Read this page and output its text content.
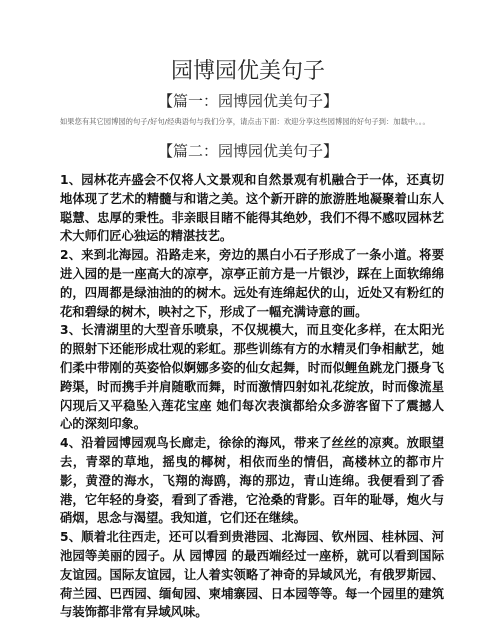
园博园优美句子
【篇一：园博园优美句子】
如果您有其它园博园的句子/好句/经典语句与我们分享，请点击下面：欢迎分享这些园博园的好句子到：加载中。。。
【篇二：园博园优美句子】

1、园林花卉盛会不仅将人文景观和自然景观有机融合于一体，还真切地体现了艺术的精髓与和谐之美。这个新开辟的旅游胜地凝聚着山东人聪慧、忠厚的秉性。非亲眼目睹不能得其绝妙，我们不得不感叹园林艺术大师们匠心独运的精湛技艺。

2、来到北海园。沿路走来，旁边的黑白小石子形成了一条小道。将要进入园的是一座高大的凉亭，凉亭正前方是一片银沙，踩在上面软绵绵的，四周都是绿油油的的树木。远处有连绵起伏的山，近处又有粉红的花和碧绿的树木，映衬之下，形成了一幅充满诗意的画。

3、长清湖里的大型音乐喷泉，不仅规模大，而且变化多样，在太阳光的照射下还能形成壮观的彩虹。那些训练有方的水精灵们争相献艺，她们柔中带刚的英姿恰似婀娜多姿的仙女起舞，时而似鲤鱼跳龙门摄身飞跨渠，时而携手并肩随歌而舞，时而激情四射如礼花绽放，时而像流星闪现后又平稳坠入莲花宝座 她们每次表演都给众多游客留下了震撼人心的深刻印象。

4、沿着园博园观鸟长廊走，徐徐的海风，带来了丝丝的凉爽。放眼望去，青翠的草地，摇曳的椰树，相依而坐的情侣，高楼林立的都市片影，黄澄的海水，飞翔的海鸥，海的那边，青山连绵。我便看到了香港，它年轻的身姿，看到了香港，它沧桑的背影。百年的耻辱，炮火与硝烟，思念与渴望。我知道，它们还在继续。

5、顺着北往西走，还可以看到贵港园、北海园、钦州园、桂林园、河池园等美丽的园子。从 园博园 的最西端经过一座桥，就可以看到国际友谊园。国际友谊园，让人着实领略了神奇的异域风光，有俄罗斯园、荷兰园、巴西园、缅甸园、柬埔寨园、日本园等等。每一个园里的建筑与装饰都非常有异域风味。
